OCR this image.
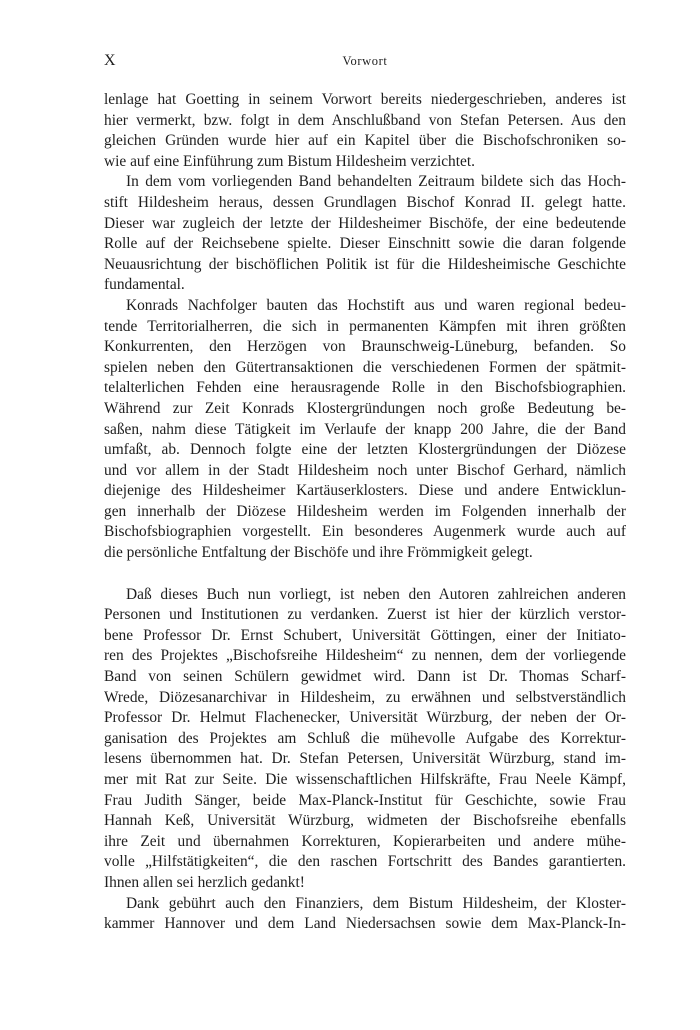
X	Vorwort
lenlage hat Goetting in seinem Vorwort bereits niedergeschrieben, anderes ist
hier vermerkt, bzw. folgt in dem Anschlußband von Stefan Petersen. Aus den
gleichen Gründen wurde hier auf ein Kapitel über die Bischofschroniken so-
wie auf eine Einführung zum Bistum Hildesheim verzichtet.
In dem vom vorliegenden Band behandelten Zeitraum bildete sich das Hoch-
stift Hildesheim heraus, dessen Grundlagen Bischof Konrad II. gelegt hatte.
Dieser war zugleich der letzte der Hildesheimer Bischöfe, der eine bedeutende
Rolle auf der Reichsebene spielte. Dieser Einschnitt sowie die daran folgende
Neuausrichtung der bischöflichen Politik ist für die Hildesheimische Geschichte
fundamental.
Konrads Nachfolger bauten das Hochstift aus und waren regional bedeu-
tende Territorialherren, die sich in permanenten Kämpfen mit ihren größten
Konkurrenten, den Herzögen von Braunschweig-Lüneburg, befanden. So
spielen neben den Gütertransaktionen die verschiedenen Formen der spätmit-
telalterlichen Fehden eine herausragende Rolle in den Bischofsbiographien.
Während zur Zeit Konrads Klostergründungen noch große Bedeutung be-
saßen, nahm diese Tätigkeit im Verlaufe der knapp 200 Jahre, die der Band
umfaßt, ab. Dennoch folgte eine der letzten Klostergründungen der Diözese
und vor allem in der Stadt Hildesheim noch unter Bischof Gerhard, nämlich
diejenige des Hildesheimer Kartäuserklosters. Diese und andere Entwicklun-
gen innerhalb der Diözese Hildesheim werden im Folgenden innerhalb der
Bischofsbiographien vorgestellt. Ein besonderes Augenmerk wurde auch auf
die persönliche Entfaltung der Bischöfe und ihre Frömmigkeit gelegt.
Daß dieses Buch nun vorliegt, ist neben den Autoren zahlreichen anderen
Personen und Institutionen zu verdanken. Zuerst ist hier der kürzlich verstor-
bene Professor Dr. Ernst Schubert, Universität Göttingen, einer der Initiato-
ren des Projektes „Bischofsreihe Hildesheim“ zu nennen, dem der vorliegende
Band von seinen Schülern gewidmet wird. Dann ist Dr. Thomas Scharf-
Wrede, Diözesanarchivar in Hildesheim, zu erwähnen und selbstverständlich
Professor Dr. Helmut Flachenecker, Universität Würzburg, der neben der Or-
ganisation des Projektes am Schluß die mühevolle Aufgabe des Korrektur-
lesens übernommen hat. Dr. Stefan Petersen, Universität Würzburg, stand im-
mer mit Rat zur Seite. Die wissenschaftlichen Hilfskräfte, Frau Neele Kämpf,
Frau Judith Sänger, beide Max-Planck-Institut für Geschichte, sowie Frau
Hannah Keß, Universität Würzburg, widmeten der Bischofsreihe ebenfalls
ihre Zeit und übernahmen Korrekturen, Kopierarbeiten und andere mühe-
volle „Hilfstätigkeiten“, die den raschen Fortschritt des Bandes garantierten.
Ihnen allen sei herzlich gedankt!
Dank gebührt auch den Finanziers, dem Bistum Hildesheim, der Kloster-
kammer Hannover und dem Land Niedersachsen sowie dem Max-Planck-In-
